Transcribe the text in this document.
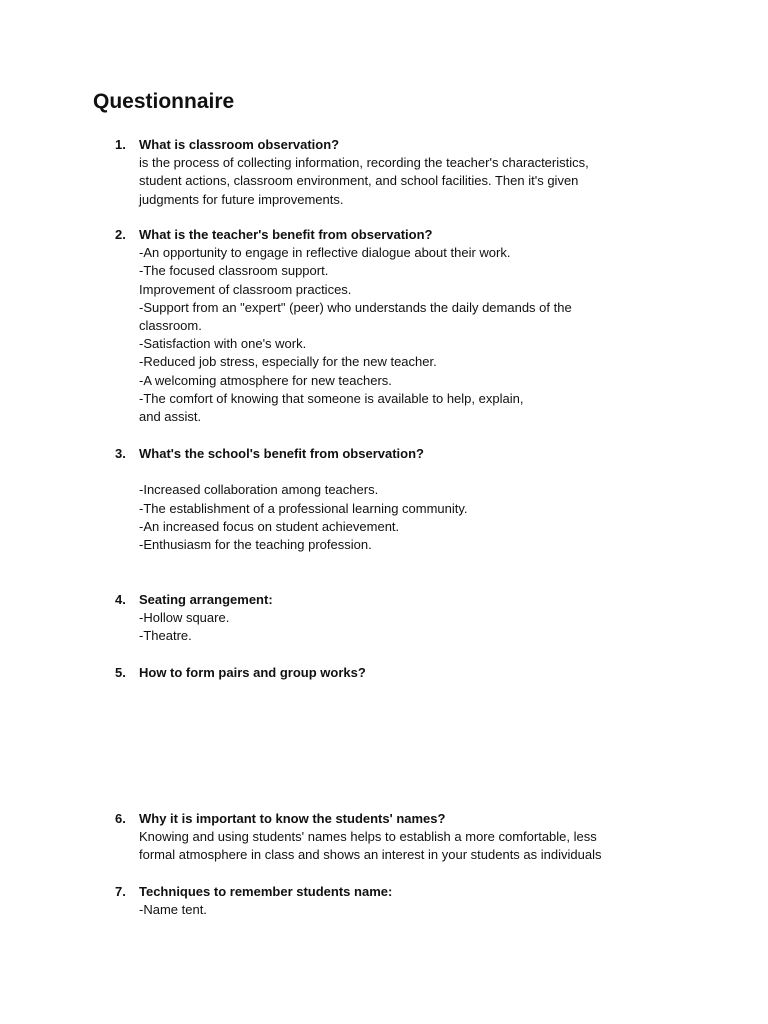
Questionnaire
1. What is classroom observation?
is the process of collecting information, recording the teacher's characteristics,
student actions, classroom environment, and school facilities. Then it's given
judgments for future improvements.
2. What is the teacher's benefit from observation?
-An opportunity to engage in reflective dialogue about their work.
-The focused classroom support.
Improvement of classroom practices.
-Support from an "expert" (peer) who understands the daily demands of the
classroom.
-Satisfaction with one's work.
-Reduced job stress, especially for the new teacher.
-A welcoming atmosphere for new teachers.
-The comfort of knowing that someone is available to help, explain,
and assist.
3. What's the school's benefit from observation?
-Increased collaboration among teachers.
-The establishment of a professional learning community.
-An increased focus on student achievement.
-Enthusiasm for the teaching profession.
4. Seating arrangement:
-Hollow square.
-Theatre.
5. How to form pairs and group works?
6. Why it is important to know the students' names?
Knowing and using students' names helps to establish a more comfortable, less
formal atmosphere in class and shows an interest in your students as individuals
7. Techniques to remember students name:
-Name tent.
